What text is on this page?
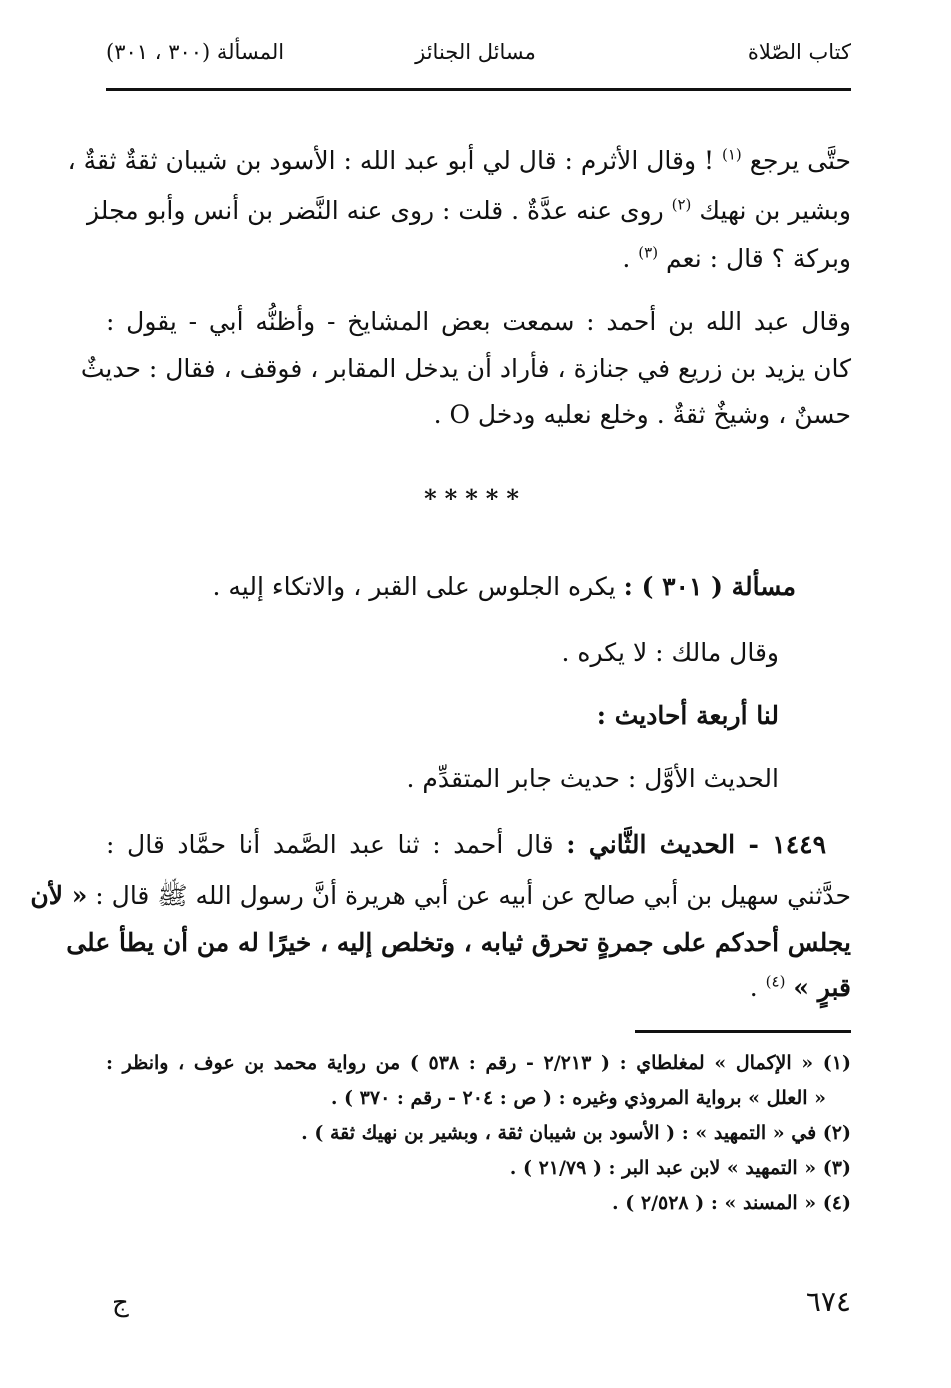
كتاب الصّلاة
مسائل الجنائز
المسألة (٣٠٠ ، ٣٠١)
حتَّى يرجع $^{(١)}$ ! وقال الأثرم : قال لي أبو عبد الله : الأسود بن شيبان ثقةٌ ثقةٌ ،
وبشير بن نهيك $^{(٢)}$ روى عنه عدَّةٌ . قلت : روى عنه النَّضر بن أنس وأبو مجلز
وبركة ؟ قال : نعم $^{(٣)}$ .
وقال عبد الله بن أحمد : سمعت بعض المشايخ - وأظنُّه أبي - يقول :
كان يزيد بن زريع في جنازة ، فأراد أن يدخل المقابر ، فوقف ، فقال : حديثٌ
حسنٌ ، وشيخٌ ثقةٌ . وخلع نعليه ودخل O .
*****
مسألة ( ٣٠١ ) : يكره الجلوس على القبر ، والاتكاء إليه .
وقال مالك : لا يكره .
لنا أربعة أحاديث :
الحديث الأوَّل : حديث جابر المتقدِّم .
١٤٤٩ - الحديث الثَّاني : قال أحمد : ثنا عبد الصَّمد أنا حمَّاد قال :
حدَّثني سهيل بن أبي صالح عن أبيه عن أبي هريرة أنَّ رسول الله ﷺ قال : « لأن
يجلس أحدكم على جمرةٍ تحرق ثيابه ، وتخلص إليه ، خيرًا له من أن يطأ على
قبرٍ » $^{(٤)}$ .
(١) « الإكمال » لمغلطاي : ( ٢/٢١٣ - رقم : ٥٣٨ ) من رواية محمد بن عوف ، وانظر :
« العلل » برواية المروذي وغيره : ( ص : ٢٠٤ - رقم : ٣٧٠ ) .
(٢) في « التمهيد » : ( الأسود بن شيبان ثقة ، وبشير بن نهيك ثقة ) .
(٣) « التمهيد » لابن عبد البر : ( ٢١/٧٩ ) .
(٤) « المسند » : ( ٢/٥٢٨ ) .
٦٧٤
ج
